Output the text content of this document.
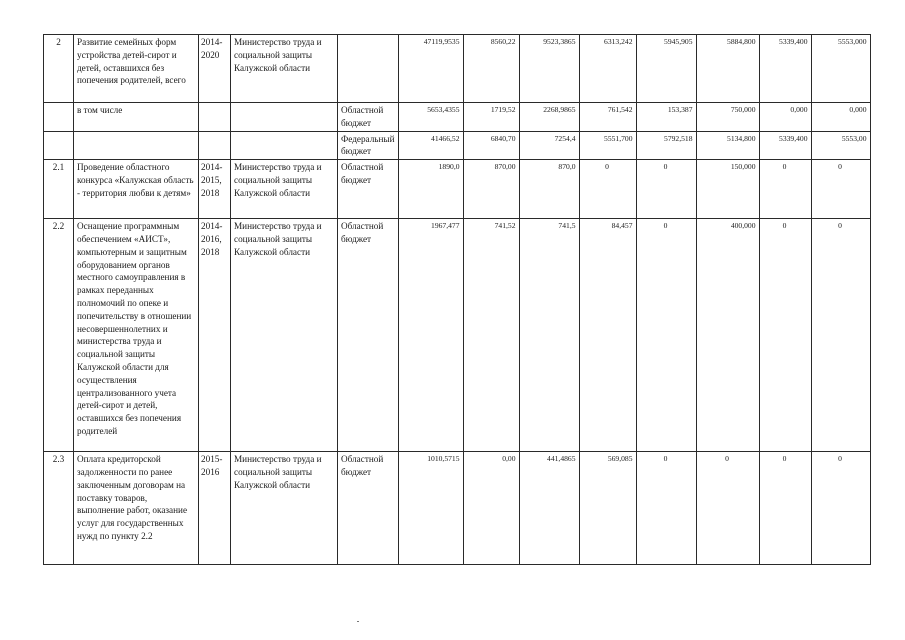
2	Развитие семейных форм устройства детей-сирот и детей, оставшихся без попечения родителей, всего	2014-2020	Министерство труда и социальной защиты Калужской области		47119,9535	8560,22	9523,3865	6313,242	5945,905	5884,800	5339,400	5553,000
	в том числе			Областной бюджет	5653,4355	1719,52	2268,9865	761,542	153,387	750,000	0,000	0,000
				Федеральный бюджет	41466,52	6840,70	7254,4	5551,700	5792,518	5134,800	5339,400	5553,00
2.1	Проведение областного конкурса «Калужская область - территория любви к детям»	2014-2015, 2018	Министерство труда и социальной защиты Калужской области	Областной бюджет	1890,0	870,00	870,0	0	0	150,000	0	0
2.2	Оснащение программным обеспечением «АИСТ», компьютерным и защитным оборудованием органов местного самоуправления в рамках переданных полномочий по опеке и попечительству в отношении несовершеннолетних и министерства труда и социальной защиты Калужской области для осуществления централизованного учета детей-сирот и детей, оставшихся без попечения родителей	2014-2016, 2018	Министерство труда и социальной защиты Калужской области	Областной бюджет	1967,477	741,52	741,5	84,457	0	400,000	0	0
2.3	Оплата кредиторской задолженности по ранее заключенным договорам на поставку товаров, выполнение работ, оказание услуг для государственных нужд по пункту 2.2	2015-2016	Министерство труда и социальной защиты Калужской области	Областной бюджет	1010,5715	0,00	441,4865	569,085	0	0	0	0
